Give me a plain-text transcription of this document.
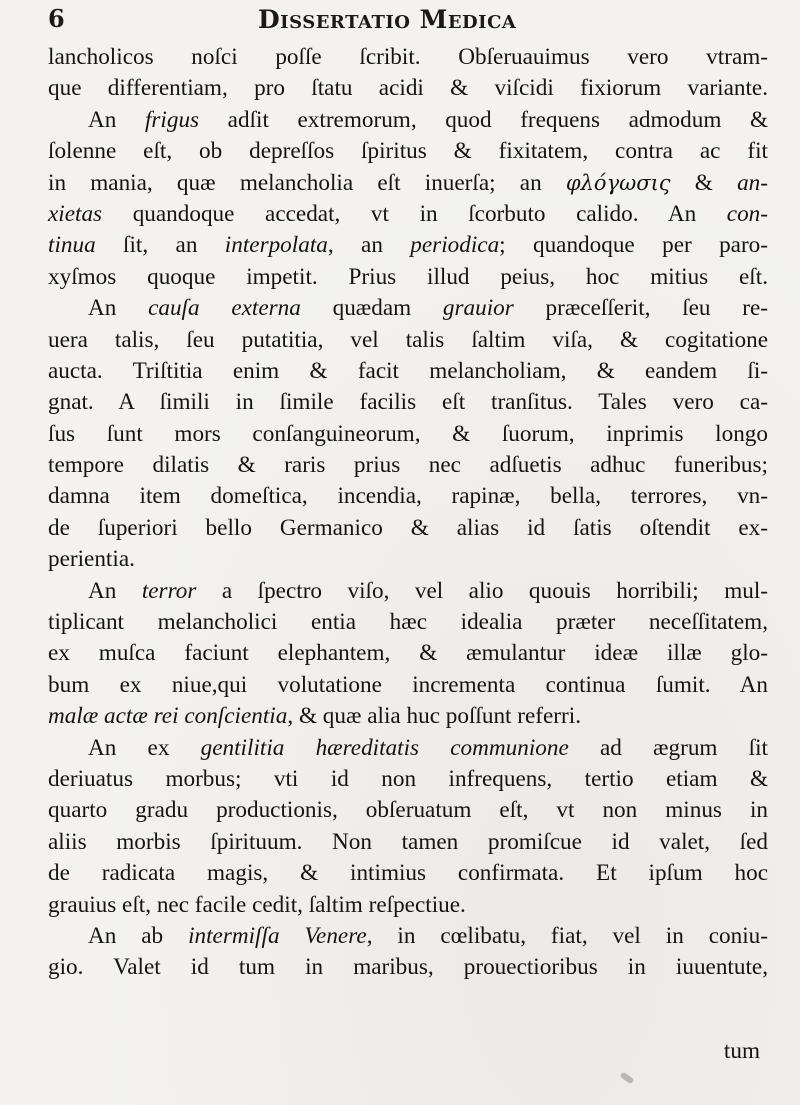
6	Dissertatio Medica
lancholicos noſci poſſe ſcribit. Obſeruauimus vero vtram-
que differentiam, pro ſtatu acidi & viſcidi fixiorum variante.
An frigus adſit extremorum, quod frequens admodum &
ſolenne eſt, ob depreſſos ſpiritus & fixitatem, contra ac fit
in mania, quæ melancholia eſt inuerſa; an φλόγωσις & an-
xietas quandoque accedat, vt in ſcorbuto calido. An con-
tinua ſit, an interpolata, an periodica; quandoque per paro-
xyſmos quoque impetit. Prius illud peius, hoc mitius eſt.
An cauſa externa quædam grauior præceſſerit, ſeu re-
uera talis, ſeu putatitia, vel talis ſaltim viſa, & cogitatione
aucta. Triſtitia enim & facit melancholiam, & eandem ſi-
gnat. A ſimili in ſimile facilis eſt tranſitus. Tales vero ca-
ſus ſunt mors conſanguineorum, & ſuorum, inprimis longo
tempore dilatis & raris prius nec adſuetis adhuc funeribus;
damna item domeſtica, incendia, rapinæ, bella, terrores, vn-
de ſuperiori bello Germanico & alias id ſatis oſtendit ex-
perientia.
An terror a ſpectro viſo, vel alio quouis horribili; mul-
tiplicant melancholici entia hæc idealia præter neceſſitatem,
ex muſca faciunt elephantem, & æmulantur ideæ illæ glo-
bum ex niue,qui volutatione incrementa continua ſumit. An
malæ actæ rei conſcientia, & quæ alia huc poſſunt referri.
An ex gentilitia hæreditatis communione ad ægrum ſit
deriuatus morbus; vti id non infrequens, tertio etiam &
quarto gradu productionis, obſeruatum eſt, vt non minus in
aliis morbis ſpirituum. Non tamen promiſcue id valet, ſed
de radicata magis, & intimius confirmata. Et ipſum hoc
grauius eſt, nec facile cedit, ſaltim reſpectiue.
An ab intermiſſa Venere, in cœlibatu, fiat, vel in coniu-
gio. Valet id tum in maribus, prouectioribus in iuuentute,
tum
